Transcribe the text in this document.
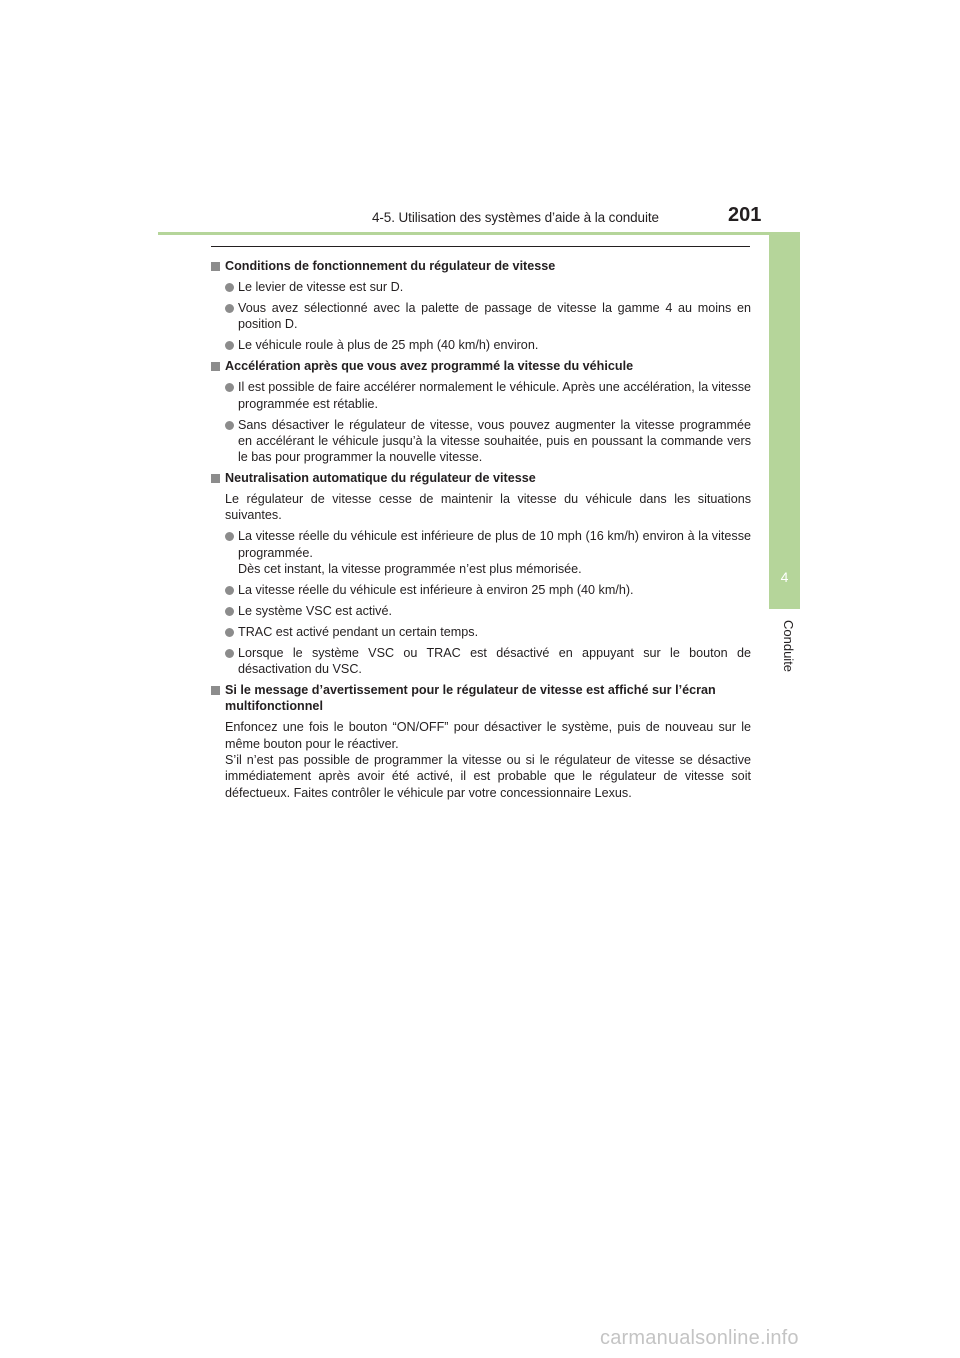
4-5. Utilisation des systèmes d’aide à la conduite	201
4
Conduite

Conditions de fonctionnement du régulateur de vitesse

Le levier de vitesse est sur D.
Vous avez sélectionné avec la palette de passage de vitesse la gamme 4 au moins en position D.
Le véhicule roule à plus de 25 mph (40 km/h) environ.

Accélération après que vous avez programmé la vitesse du véhicule

Il est possible de faire accélérer normalement le véhicule. Après une accélération, la vitesse programmée est rétablie.
Sans désactiver le régulateur de vitesse, vous pouvez augmenter la vitesse programmée en accélérant le véhicule jusqu’à la vitesse souhaitée, puis en poussant la commande vers le bas pour programmer la nouvelle vitesse.

Neutralisation automatique du régulateur de vitesse

Le régulateur de vitesse cesse de maintenir la vitesse du véhicule dans les situations suivantes.
La vitesse réelle du véhicule est inférieure de plus de 10 mph (16 km/h) environ à la vitesse programmée.
Dès cet instant, la vitesse programmée n’est plus mémorisée.
La vitesse réelle du véhicule est inférieure à environ 25 mph (40 km/h).
Le système VSC est activé.
TRAC est activé pendant un certain temps.
Lorsque le système VSC ou TRAC est désactivé en appuyant sur le bouton de désactivation du VSC.

Si le message d’avertissement pour le régulateur de vitesse est affiché sur l’écran multifonctionnel

Enfoncez une fois le bouton “ON/OFF” pour désactiver le système, puis de nouveau sur le même bouton pour le réactiver.
S’il n’est pas possible de programmer la vitesse ou si le régulateur de vitesse se désactive immédiatement après avoir été activé, il est probable que le régulateur de vitesse soit défectueux. Faites contrôler le véhicule par votre concessionnaire Lexus.
carmanualsonline.info
